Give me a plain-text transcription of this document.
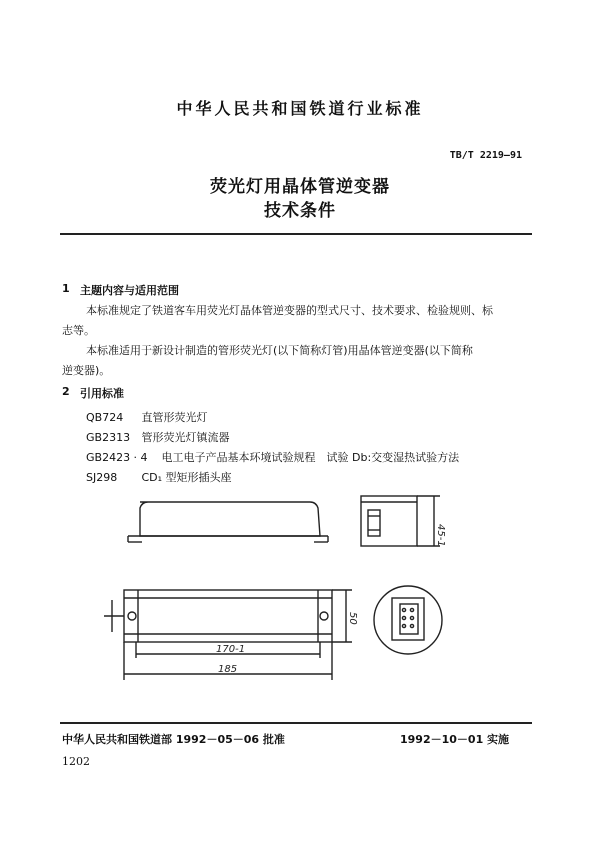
中华人民共和国铁道行业标准
TB/T 2219—91
荧光灯用晶体管逆变器
技术条件
1 主题内容与适用范围
本标准规定了铁道客车用荧光灯晶体管逆变器的型式尺寸、技术要求、检验规则、标
志等。
本标准适用于新设计制造的管形荧光灯(以下简称灯管)用晶体管逆变器(以下简称
逆变器)。
2 引用标准
QB724 直管形荧光灯
GB2313 管形荧光灯镇流器
GB2423 · 4 电工电子产品基本环境试验规程　试验 Db:交变湿热试验方法
SJ298 CD₁ 型矩形插头座
45-1
50
170-1
185
中华人民共和国铁道部 1992－05－06 批准	1992－10－01 实施
1202
